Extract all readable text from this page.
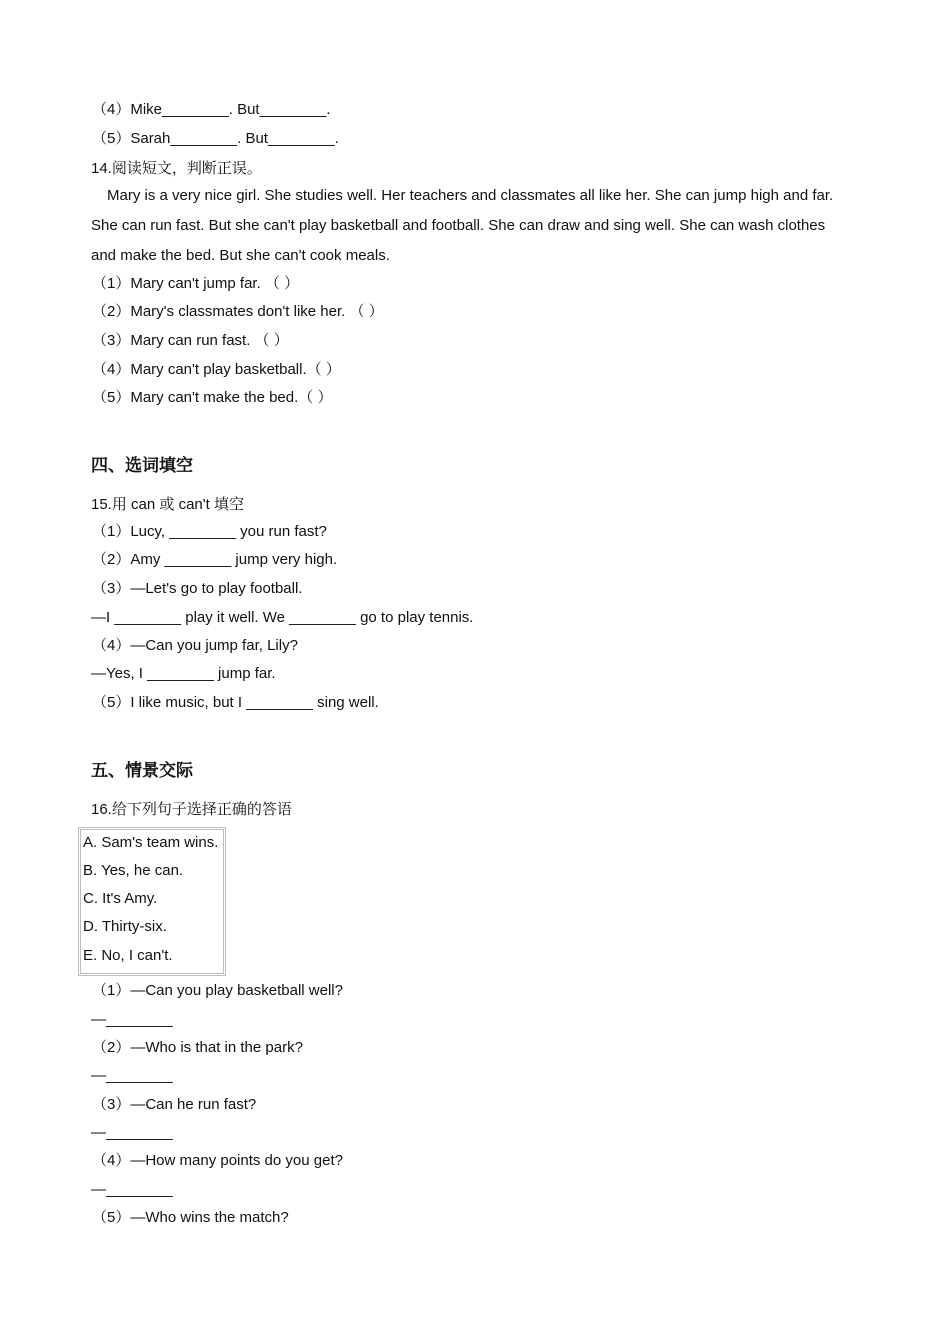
（4）Mike________. But________.
（5）Sarah________. But________.
14.阅读短文，判断正误。
Mary is a very nice girl. She studies well. Her teachers and classmates all like her. She can jump high and far.
She can run fast. But she can't play basketball and football. She can draw and sing well. She can wash clothes
and make the bed. But she can't cook meals.
（1）Mary can't jump far. （ ）
（2）Mary's classmates don't like her. （ ）
（3）Mary can run fast. （ ）
（4）Mary can't play basketball.（ ）
（5）Mary can't make the bed.（ ）
四、选词填空
15.用 can 或 can't 填空
（1）Lucy, ________ you run fast?
（2）Amy ________ jump very high.
（3）—Let's go to play football.
—I ________ play it well. We ________ go to play tennis.
（4）—Can you jump far, Lily?
—Yes, I ________ jump far.
（5）I like music, but I ________ sing well.
五、情景交际
16.给下列句子选择正确的答语
A. Sam's team wins.
B. Yes, he can.
C. It's Amy.
D. Thirty-six.
E. No, I can't.
（1）—Can you play basketball well?
—________
（2）—Who is that in the park?
—________
（3）—Can he run fast?
—________
（4）—How many points do you get?
—________
（5）—Who wins the match?
